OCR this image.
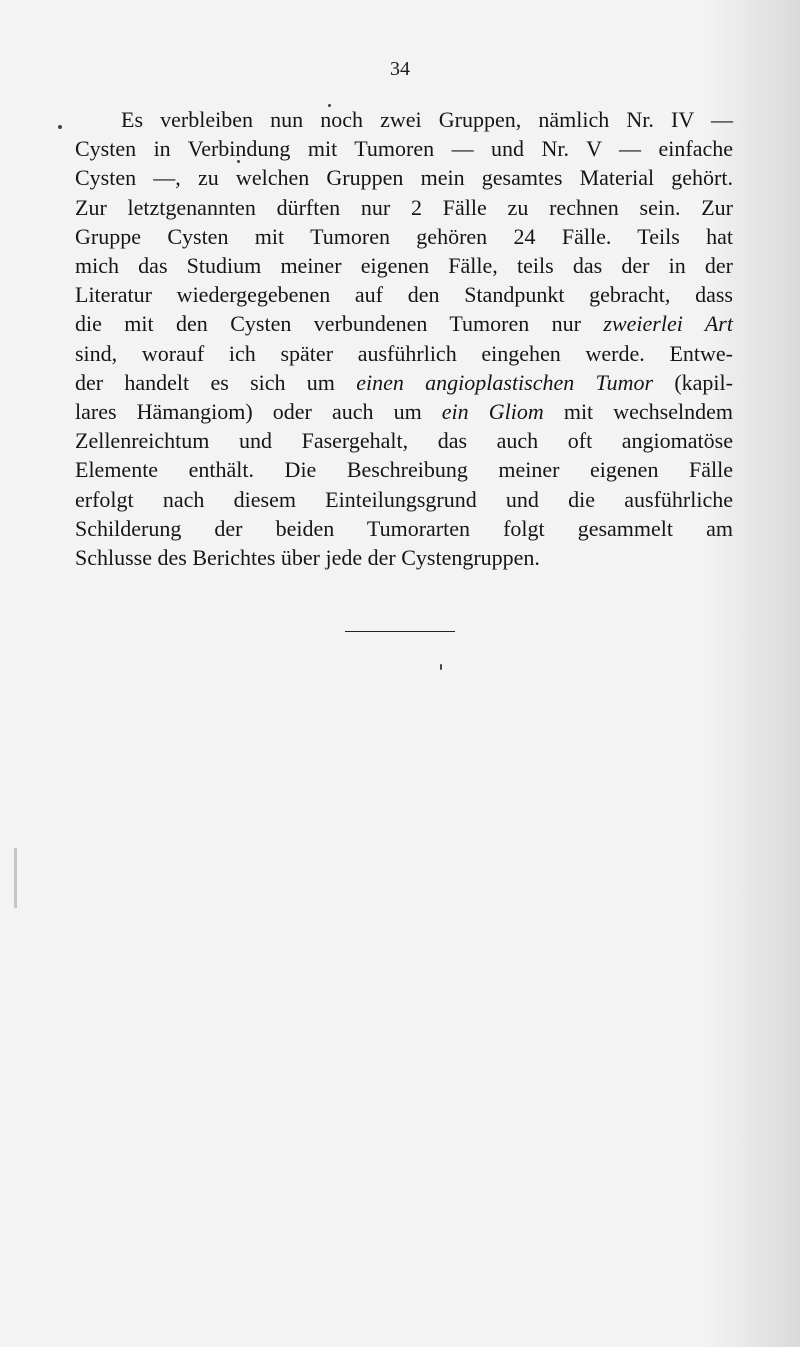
34
Es verbleiben nun noch zwei Gruppen, nämlich Nr. IV —
Cysten in Verbindung mit Tumoren — und Nr. V — einfache
Cysten —, zu welchen Gruppen mein gesamtes Material gehört.
Zur letztgenannten dürften nur 2 Fälle zu rechnen sein. Zur
Gruppe Cysten mit Tumoren gehören 24 Fälle. Teils hat
mich das Studium meiner eigenen Fälle, teils das der in der
Literatur wiedergegebenen auf den Standpunkt gebracht, dass
die mit den Cysten verbundenen Tumoren nur zweierlei Art
sind, worauf ich später ausführlich eingehen werde. Entwe-
der handelt es sich um einen angioplastischen Tumor (kapil-
lares Hämangiom) oder auch um ein Gliom mit wechselndem
Zellenreichtum und Fasergehalt, das auch oft angiomatöse
Elemente enthält. Die Beschreibung meiner eigenen Fälle
erfolgt nach diesem Einteilungsgrund und die ausführliche
Schilderung der beiden Tumorarten folgt gesammelt am
Schlusse des Berichtes über jede der Cystengruppen.
